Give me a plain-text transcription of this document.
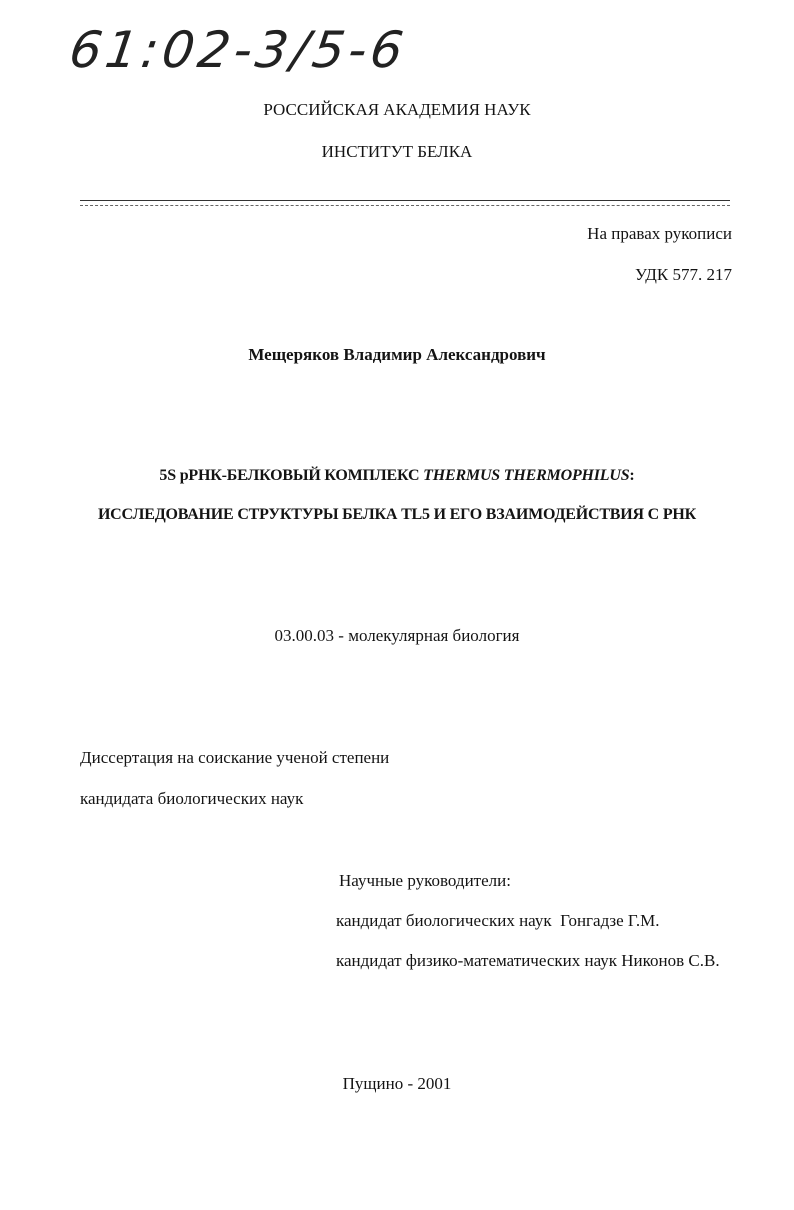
61:02-3/5-6

РОССИЙСКАЯ АКАДЕМИЯ НАУК

ИНСТИТУТ БЕЛКА

На правах рукописи

УДК 577. 217

Мещеряков Владимир Александрович

5S рРНК-БЕЛКОВЫЙ КОМПЛЕКС THERMUS THERMOPHILUS:

ИССЛЕДОВАНИЕ СТРУКТУРЫ БЕЛКА TL5 И ЕГО ВЗАИМОДЕЙСТВИЯ С РНК

03.00.03 - молекулярная биология

Диссертация на соискание ученой степени

кандидата биологических наук

Научные руководители:

кандидат биологических наук  Гонгадзе Г.М.

кандидат физико-математических наук Никонов С.В.

Пущино - 2001
